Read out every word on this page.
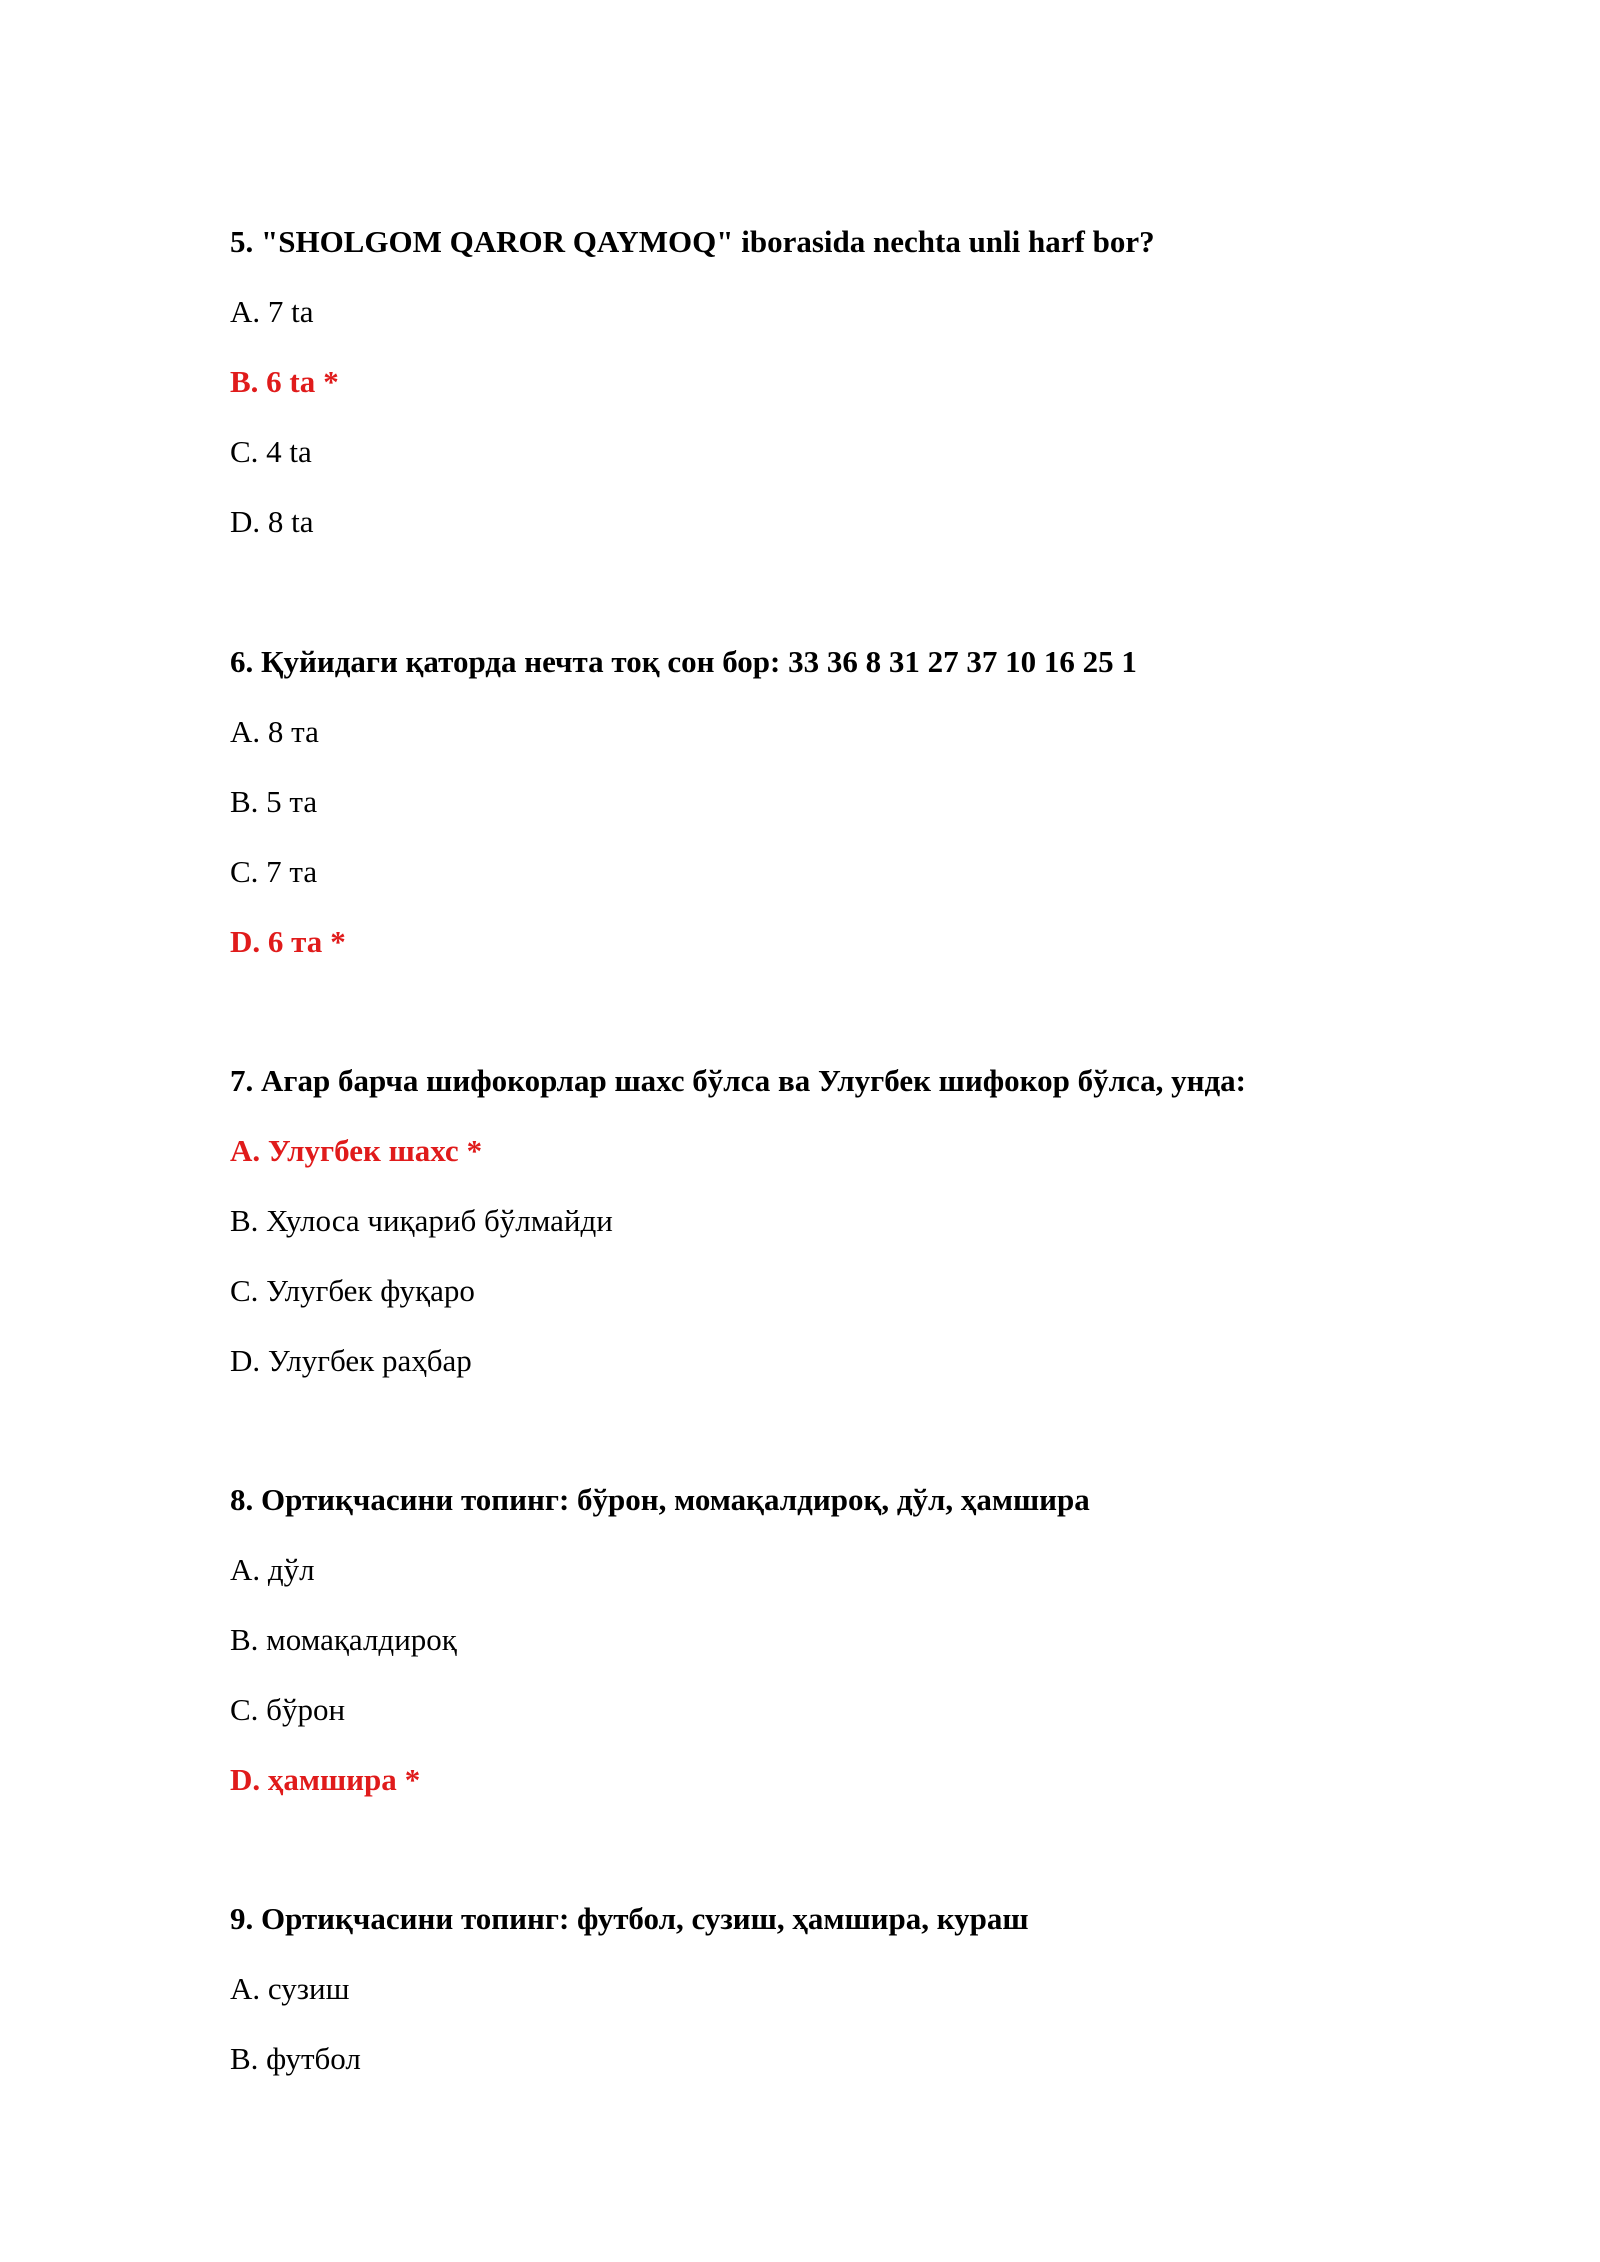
5. "SHOLGOM QAROR QAYMOQ" iborasida nechta unli harf bor?

A. 7 ta
B. 6 ta *
C. 4 ta
D. 8 ta

6. Қуйидаги қаторда нечта тоқ сон бор: 33 36 8 31 27 37 10 16 25 1

A. 8 та
B. 5 та
C. 7 та
D. 6 та *

7. Агар барча шифокорлар шахс бўлса ва Улугбек шифокор бўлса, унда:

A. Улугбек шахс *
B. Хулоса чиқариб бўлмайди
C. Улугбек фуқаро
D. Улугбек раҳбар

8. Ортиқчасини топинг: бўрон, момақалдироқ, дўл, ҳамшира

A. дўл
B. момақалдироқ
C. бўрон
D. ҳамшира *

9. Ортиқчасини топинг: футбол, сузиш, ҳамшира, кураш

A. сузиш
B. футбол
